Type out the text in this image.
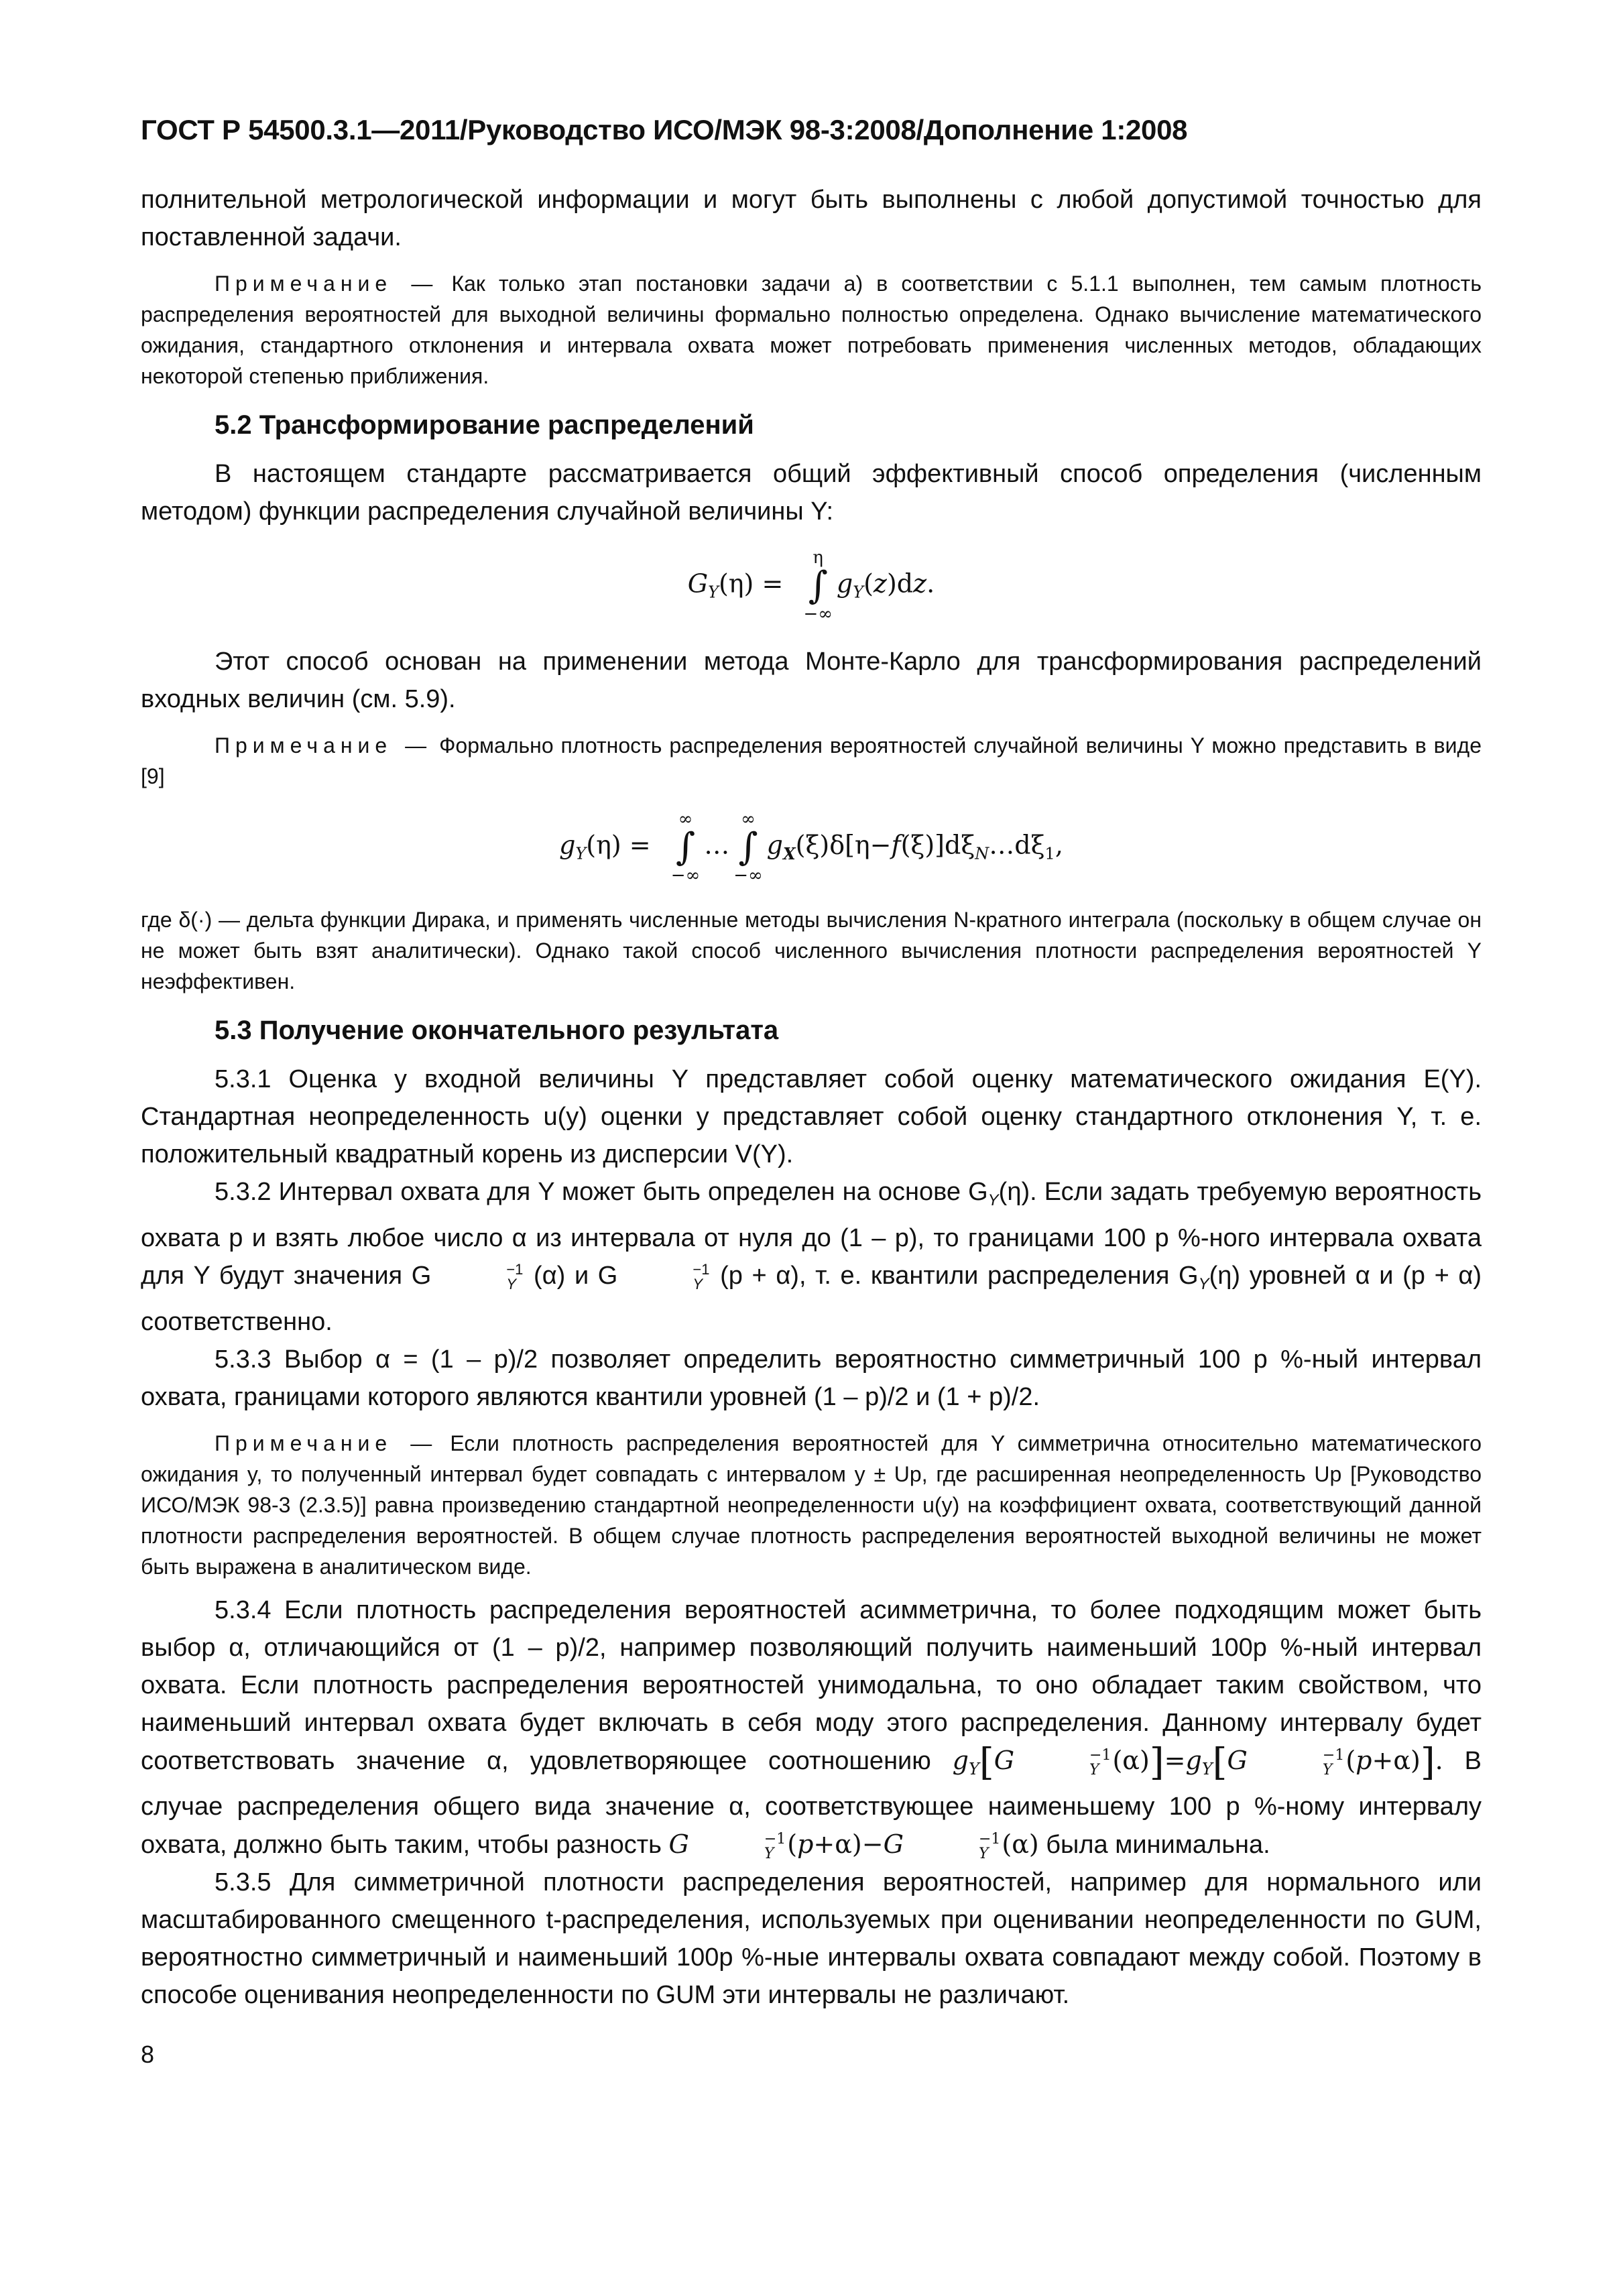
ГОСТ Р 54500.3.1—2011/Руководство ИСО/МЭК 98-3:2008/Дополнение 1:2008

полнительной метрологической информации и могут быть выполнены с любой допустимой точностью для поставленной задачи.

Примечание — Как только этап постановки задачи а) в соответствии с 5.1.1 выполнен, тем самым плотность распределения вероятностей для выходной величины формально полностью определена. Однако вычисление математического ожидания, стандартного отклонения и интервала охвата может потребовать применения численных методов, обладающих некоторой степенью приближения.

5.2 Трансформирование распределений

В настоящем стандарте рассматривается общий эффективный способ определения (численным методом) функции распределения случайной величины Y:

$G_Y(\eta)$ =
η
∫
−∞
$g_Y(z)dz$.

Этот способ основан на применении метода Монте-Карло для трансформирования распределений входных величин (см. 5.9).

Примечание — Формально плотность распределения вероятностей случайной величины Y можно представить в виде [9]

$g_Y(\eta)$ =
∞
∫
−∞
…
∞
∫
−∞
$g_X(\xi)\delta[\eta-f(\xi)]d\xi_N\dots d\xi_1$,

где δ(·) — дельта функции Дирака, и применять численные методы вычисления N-кратного интеграла (поскольку в общем случае он не может быть взят аналитически). Однако такой способ численного вычисления плотности распределения вероятностей Y неэффективен.

5.3 Получение окончательного результата

5.3.1 Оценка y входной величины Y представляет собой оценку математического ожидания E(Y). Стандартная неопределенность u(y) оценки y представляет собой оценку стандартного отклонения Y, т. е. положительный квадратный корень из дисперсии V(Y).

5.3.2 Интервал охвата для Y может быть определен на основе $G_Y(\eta)$. Если задать требуемую вероятность охвата p и взять любое число α из интервала от нуля до (1 – p), то границами 100 p %-ного интервала охвата для Y будут значения G	−1
Y (α) и G	−1
Y (p + α), т. е. квантили распределения $G_Y(\eta)$ уровней α и (p + α) соответственно.

5.3.3 Выбор α = (1 – p)/2 позволяет определить вероятностно симметричный 100 p %-ный интервал охвата, границами которого являются квантили уровней (1 – p)/2 и (1 + p)/2.

Примечание — Если плотность распределения вероятностей для Y симметрична относительно математического ожидания y, то полученный интервал будет совпадать с интервалом y ± Up, где расширенная неопределенность Up [Руководство ИСО/МЭК 98-3 (2.3.5)] равна произведению стандартной неопределенности u(y) на коэффициент охвата, соответствующий данной плотности распределения вероятностей. В общем случае плотность распределения вероятностей выходной величины не может быть выражена в аналитическом виде.

5.3.4 Если плотность распределения вероятностей асимметрична, то более подходящим может быть выбор α, отличающийся от (1 – p)/2, например позволяющий получить наименьший 100p %-ный интервал охвата. Если плотность распределения вероятностей унимодальна, то оно обладает таким свойством, что наименьший интервал охвата будет включать в себя моду этого распределения. Данному интервалу будет соответствовать значение α, удовлетворяющее соотношению $g_Y[G$	−1
Y $(\alpha)]=g_Y[G$	−1
Y (p+α)]. В случае распределения общего вида значение α, соответствующее наименьшему 100 p %-ному интервалу охвата, должно быть таким, чтобы разность G	−1
Y (p+α)−G	−1
Y (α) была минимальна.

5.3.5 Для симметричной плотности распределения вероятностей, например для нормального или масштабированного смещенного t-распределения, используемых при оценивании неопределенности по GUM, вероятностно симметричный и наименьший 100p %-ные интервалы охвата совпадают между собой. Поэтому в способе оценивания неопределенности по GUM эти интервалы не различают.

8
